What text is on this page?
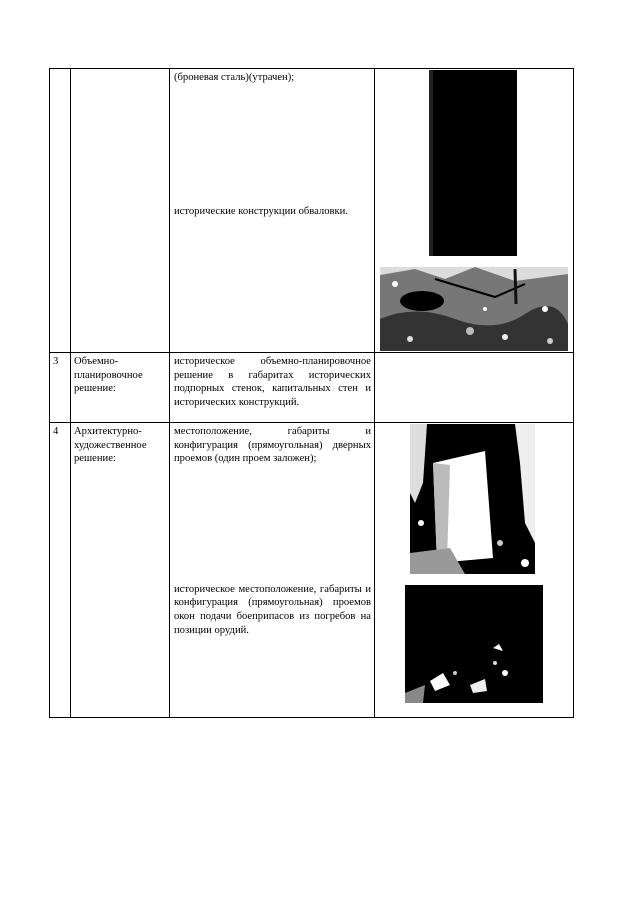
		(броневая сталь)(утрачен);
исторические конструкции обваловки.

3	Объемно-планировочное решение:	историческое объемно-планировочное решение в габаритах исторических подпорных стенок, капитальных стен и исторических конструкций.	

4	Архитектурно-художественное решение:	местоположение, габариты и конфигурация (прямоугольная) дверных проемов (один проем заложен);
историческое местоположение, габариты и конфигурация (прямоугольная) проемов окон подачи боеприпасов из погребов на позиции орудий.
